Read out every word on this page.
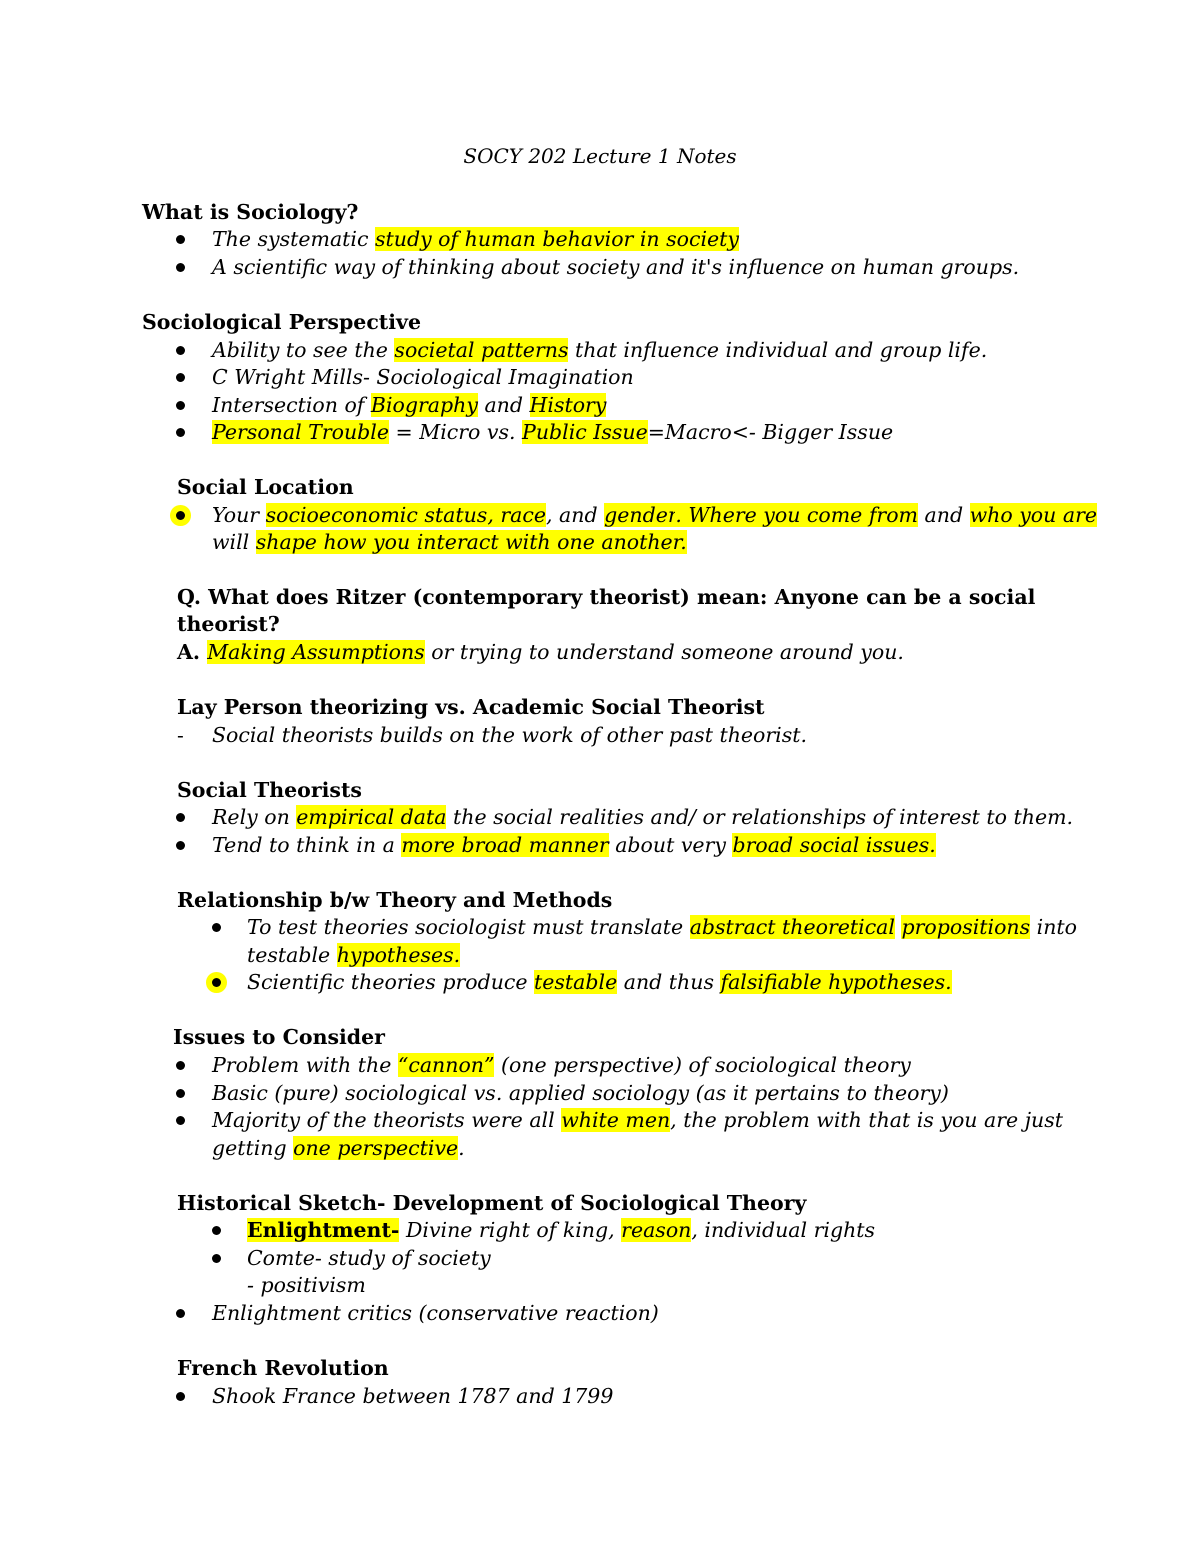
SOCY 202 Lecture 1 Notes
What is Sociology?
The systematic study of human behavior in society
A scientific way of thinking about society and it's influence on human groups.
Sociological Perspective
Ability to see the societal patterns that influence individual and group life.
C Wright Mills- Sociological Imagination
Intersection of Biography and History
Personal Trouble = Micro vs. Public Issue=Macro<- Bigger Issue
Social Location
Your socioeconomic status, race, and gender. Where you come from and who you are
will shape how you interact with one another.
Q. What does Ritzer (contemporary theorist) mean: Anyone can be a social
theorist?
A. Making Assumptions or trying to understand someone around you.
Lay Person theorizing vs. Academic Social Theorist
- Social theorists builds on the work of other past theorist.
Social Theorists
Rely on empirical data the social realities and/ or relationships of interest to them.
Tend to think in a more broad manner about very broad social issues.
Relationship b/w Theory and Methods
To test theories sociologist must translate abstract theoretical propositions into
testable hypotheses.
Scientific theories produce testable and thus falsifiable hypotheses.
Issues to Consider
Problem with the “cannon” (one perspective) of sociological theory
Basic (pure) sociological vs. applied sociology (as it pertains to theory)
Majority of the theorists were all white men, the problem with that is you are just
getting one perspective.
Historical Sketch- Development of Sociological Theory
Enlightment- Divine right of king, reason, individual rights
Comte- study of society
- positivism
Enlightment critics (conservative reaction)
French Revolution
Shook France between 1787 and 1799
